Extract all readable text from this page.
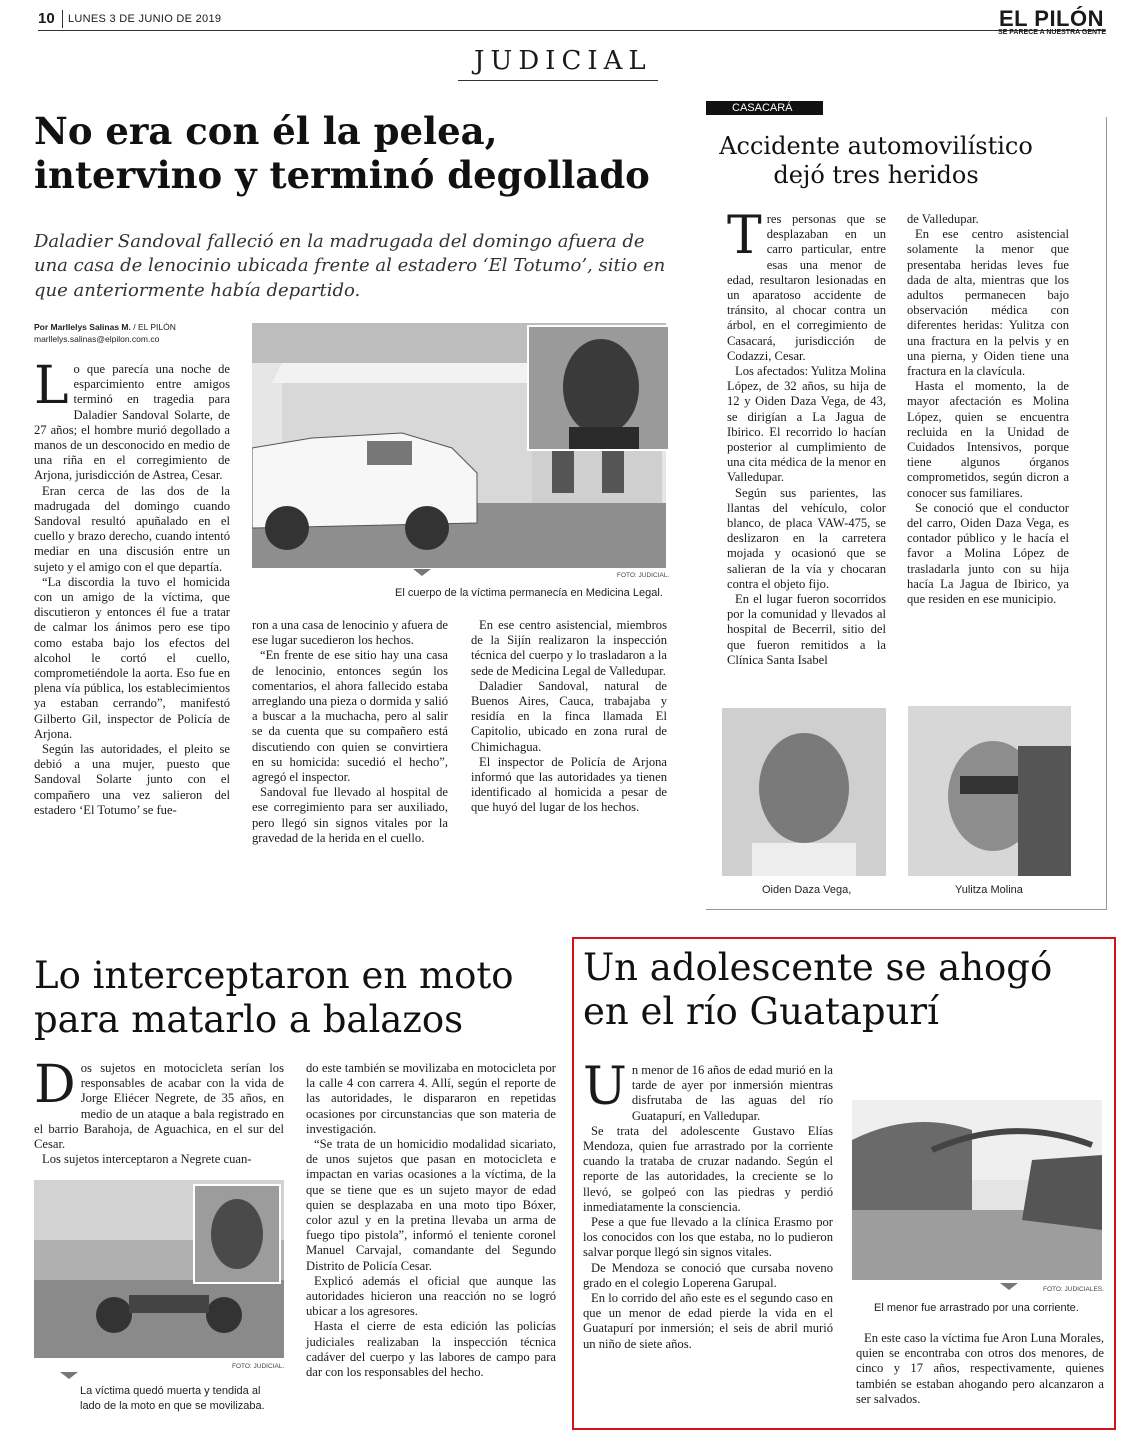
10 LUNES 3 DE JUNIO DE 2019	EL PILÓN
SE PARECE A NUESTRA GENTE
JUDICIAL
No era con él la pelea,
intervino y terminó degollado
Daladier Sandoval falleció en la madrugada del domingo afuera de una casa de lenocinio ubicada frente al estadero ‘El Totumo’, sitio en que anteriormente había departido.
Por Marllelys Salinas M. / EL PILÓN
marllelys.salinas@elpilon.com.co
FOTO: JUDICIAL.
El cuerpo de la víctima permanecía en Medicina Legal.

Lo que parecía una noche de esparcimiento entre amigos terminó en tragedia para Daladier Sandoval Solarte, de 27 años; el hombre murió degollado a manos de un desconocido en medio de una riña en el corregimiento de Arjona, jurisdicción de Astrea, Cesar.

Eran cerca de las dos de la madrugada del domingo cuando Sandoval resultó apuñalado en el cuello y brazo derecho, cuando intentó mediar en una discusión entre un sujeto y el amigo con el que departía.

“La discordia la tuvo el homicida con un amigo de la víctima, que discutieron y entonces él fue a tratar de calmar los ánimos pero ese tipo como estaba bajo los efectos del alcohol le cortó el cuello, comprometiéndole la aorta. Eso fue en plena vía pública, los establecimientos ya estaban cerrando”, manifestó Gilberto Gil, inspector de Policía de Arjona.

Según las autoridades, el pleito se debió a una mujer, puesto que Sandoval Solarte junto con el compañero una vez salieron del estadero ‘El Totumo’ se fue-

ron a una casa de lenocinio y afuera de ese lugar sucedieron los hechos.

“En frente de ese sitio hay una casa de lenocinio, entonces según los comentarios, el ahora fallecido estaba arreglando una pieza o dormida y salió a buscar a la muchacha, pero al salir se da cuenta que su compañero está discutiendo con quien se convirtiera en su homicida: sucedió el hecho”, agregó el inspector.

Sandoval fue llevado al hospital de ese corregimiento para ser auxiliado, pero llegó sin signos vitales por la gravedad de la herida en el cuello.

En ese centro asistencial, miembros de la Sijín realizaron la inspección técnica del cuerpo y lo trasladaron a la sede de Medicina Legal de Valledupar.

Daladier Sandoval, natural de Buenos Aires, Cauca, trabajaba y residía en la finca llamada El Capitolio, ubicado en zona rural de Chimichagua.

El inspector de Policía de Arjona informó que las autoridades ya tienen identificado al homicida a pesar de que huyó del lugar de los hechos.

CASACARÁ
Accidente automovilístico
dejó tres heridos

Tres personas que se desplazaban en un carro particular, entre esas una menor de edad, resultaron lesionadas en un aparatoso accidente de tránsito, al chocar contra un árbol, en el corregimiento de Casacará, jurisdicción de Codazzi, Cesar.

Los afectados: Yulitza Molina López, de 32 años, su hija de 12 y Oiden Daza Vega, de 43, se dirigían a La Jagua de Ibirico. El recorrido lo hacían posterior al cumplimiento de una cita médica de la menor en Valledupar.

Según sus parientes, las llantas del vehículo, color blanco, de placa VAW-475, se deslizaron en la carretera mojada y ocasionó que se salieran de la vía y chocaran contra el objeto fijo.

En el lugar fueron socorridos por la comunidad y llevados al hospital de Becerril, sitio del que fueron remitidos a la Clínica Santa Isabel

de Valledupar.

En ese centro asistencial solamente la menor que presentaba heridas leves fue dada de alta, mientras que los adultos permanecen bajo observación médica con diferentes heridas: Yulitza con una fractura en la pelvis y en una pierna, y Oiden tiene una fractura en la clavícula.

Hasta el momento, la de mayor afectación es Molina López, quien se encuentra recluida en la Unidad de Cuidados Intensivos, porque tiene algunos órganos comprometidos, según dicron a conocer sus familiares.

Se conoció que el conductor del carro, Oiden Daza Vega, es contador público y le hacía el favor a Molina López de trasladarla junto con su hija hacía La Jagua de Ibirico, ya que residen en ese municipio.

Oiden Daza Vega,	Yulitza Molina
Lo interceptaron en moto
para matarlo a balazos

Dos sujetos en motocicleta serían los responsables de acabar con la vida de Jorge Eliécer Negrete, de 35 años, en medio de un ataque a bala registrado en el barrio Barahoja, de Aguachica, en el sur del Cesar.

Los sujetos interceptaron a Negrete cuan-

FOTO: JUDICIAL.
La víctima quedó muerta y tendida al lado de la moto en que se movilizaba.

do este también se movilizaba en motocicleta por la calle 4 con carrera 4. Allí, según el reporte de las autoridades, le dispararon en repetidas ocasiones por circunstancias que son materia de investigación.

“Se trata de un homicidio modalidad sicariato, de unos sujetos que pasan en motocicleta e impactan en varias ocasiones a la víctima, de la que se tiene que es un sujeto mayor de edad quien se desplazaba en una moto tipo Bóxer, color azul y en la pretina llevaba un arma de fuego tipo pistola”, informó el teniente coronel Manuel Carvajal, comandante del Segundo Distrito de Policía Cesar.

Explicó además el oficial que aunque las autoridades hicieron una reacción no se logró ubicar a los agresores.

Hasta el cierre de esta edición las policías judiciales realizaban la inspección técnica cadáver del cuerpo y las labores de campo para dar con los responsables del hecho.

Un adolescente se ahogó
en el río Guatapurí

Un menor de 16 años de edad murió en la tarde de ayer por inmersión mientras disfrutaba de las aguas del río Guatapurí, en Valledupar.

Se trata del adolescente Gustavo Elías Mendoza, quien fue arrastrado por la corriente cuando la trataba de cruzar nadando. Según el reporte de las autoridades, la creciente se lo llevó, se golpeó con las piedras y perdió inmediatamente la consciencia.

Pese a que fue llevado a la clínica Erasmo por los conocidos con los que estaba, no lo pudieron salvar porque llegó sin signos vitales.

De Mendoza se conoció que cursaba noveno grado en el colegio Loperena Garupal.

En lo corrido del año este es el segundo caso en que un menor de edad pierde la vida en el Guatapurí por inmersión; el seis de abril murió un niño de siete años.

FOTO: JUDICIALES.
El menor fue arrastrado por una corriente.

En este caso la víctima fue Aron Luna Morales, quien se encontraba con otros dos menores, de cinco y 17 años, respectivamente, quienes también se estaban ahogando pero alcanzaron a ser salvados.
